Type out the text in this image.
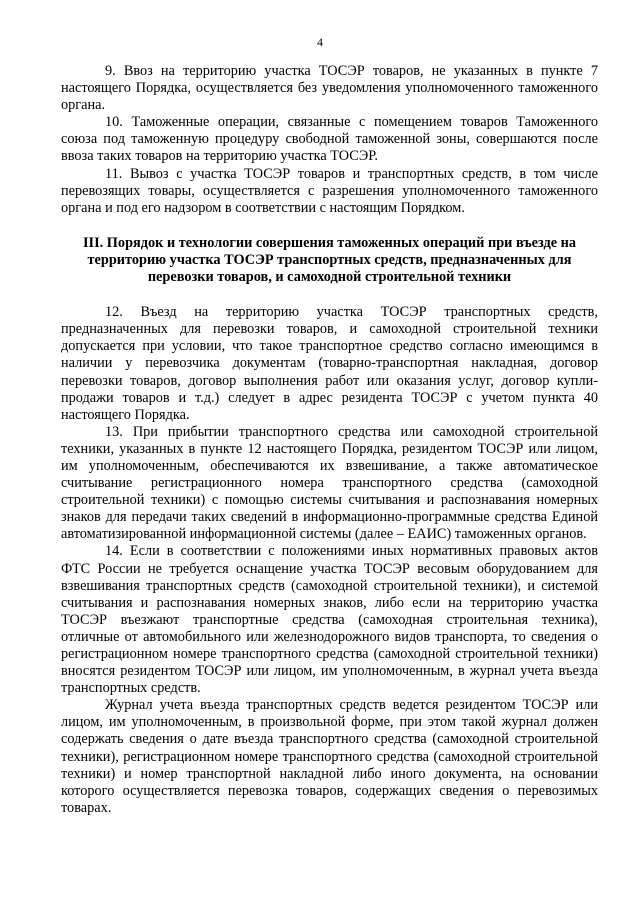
4

9. Ввоз на территорию участка ТОСЭР товаров, не указанных в пункте 7 настоящего Порядка, осуществляется без уведомления уполномоченного таможенного органа.

10. Таможенные операции, связанные с помещением товаров Таможенного союза под таможенную процедуру свободной таможенной зоны, совершаются после ввоза таких товаров на территорию участка ТОСЭР.

11. Вывоз с участка ТОСЭР товаров и транспортных средств, в том числе перевозящих товары, осуществляется с разрешения уполномоченного таможенного органа и под его надзором в соответствии с настоящим Порядком.

III. Порядок и технологии совершения таможенных операций при въезде на территорию участка ТОСЭР транспортных средств, предназначенных для перевозки товаров, и самоходной строительной техники

12. Въезд на территорию участка ТОСЭР транспортных средств, предназначенных для перевозки товаров, и самоходной строительной техники допускается при условии, что такое транспортное средство согласно имеющимся в наличии у перевозчика документам (товарно-транспортная накладная, договор перевозки товаров, договор выполнения работ или оказания услуг, договор купли-продажи товаров и т.д.) следует в адрес резидента ТОСЭР с учетом пункта 40 настоящего Порядка.

13. При прибытии транспортного средства или самоходной строительной техники, указанных в пункте 12 настоящего Порядка, резидентом ТОСЭР или лицом, им уполномоченным, обеспечиваются их взвешивание, а также автоматическое считывание регистрационного номера транспортного средства (самоходной строительной техники) с помощью системы считывания и распознавания номерных знаков для передачи таких сведений в информационно-программные средства Единой автоматизированной информационной системы (далее – ЕАИС) таможенных органов.

14. Если в соответствии с положениями иных нормативных правовых актов ФТС России не требуется оснащение участка ТОСЭР весовым оборудованием для взвешивания транспортных средств (самоходной строительной техники), и системой считывания и распознавания номерных знаков, либо если на территорию участка ТОСЭР въезжают транспортные средства (самоходная строительная техника), отличные от автомобильного или железнодорожного видов транспорта, то сведения о регистрационном номере транспортного средства (самоходной строительной техники) вносятся резидентом ТОСЭР или лицом, им уполномоченным, в журнал учета въезда транспортных средств.

Журнал учета въезда транспортных средств ведется резидентом ТОСЭР или лицом, им уполномоченным, в произвольной форме, при этом такой журнал должен содержать сведения о дате въезда транспортного средства (самоходной строительной техники), регистрационном номере транспортного средства (самоходной строительной техники) и номер транспортной накладной либо иного документа, на основании которого осуществляется перевозка товаров, содержащих сведения о перевозимых товарах.
